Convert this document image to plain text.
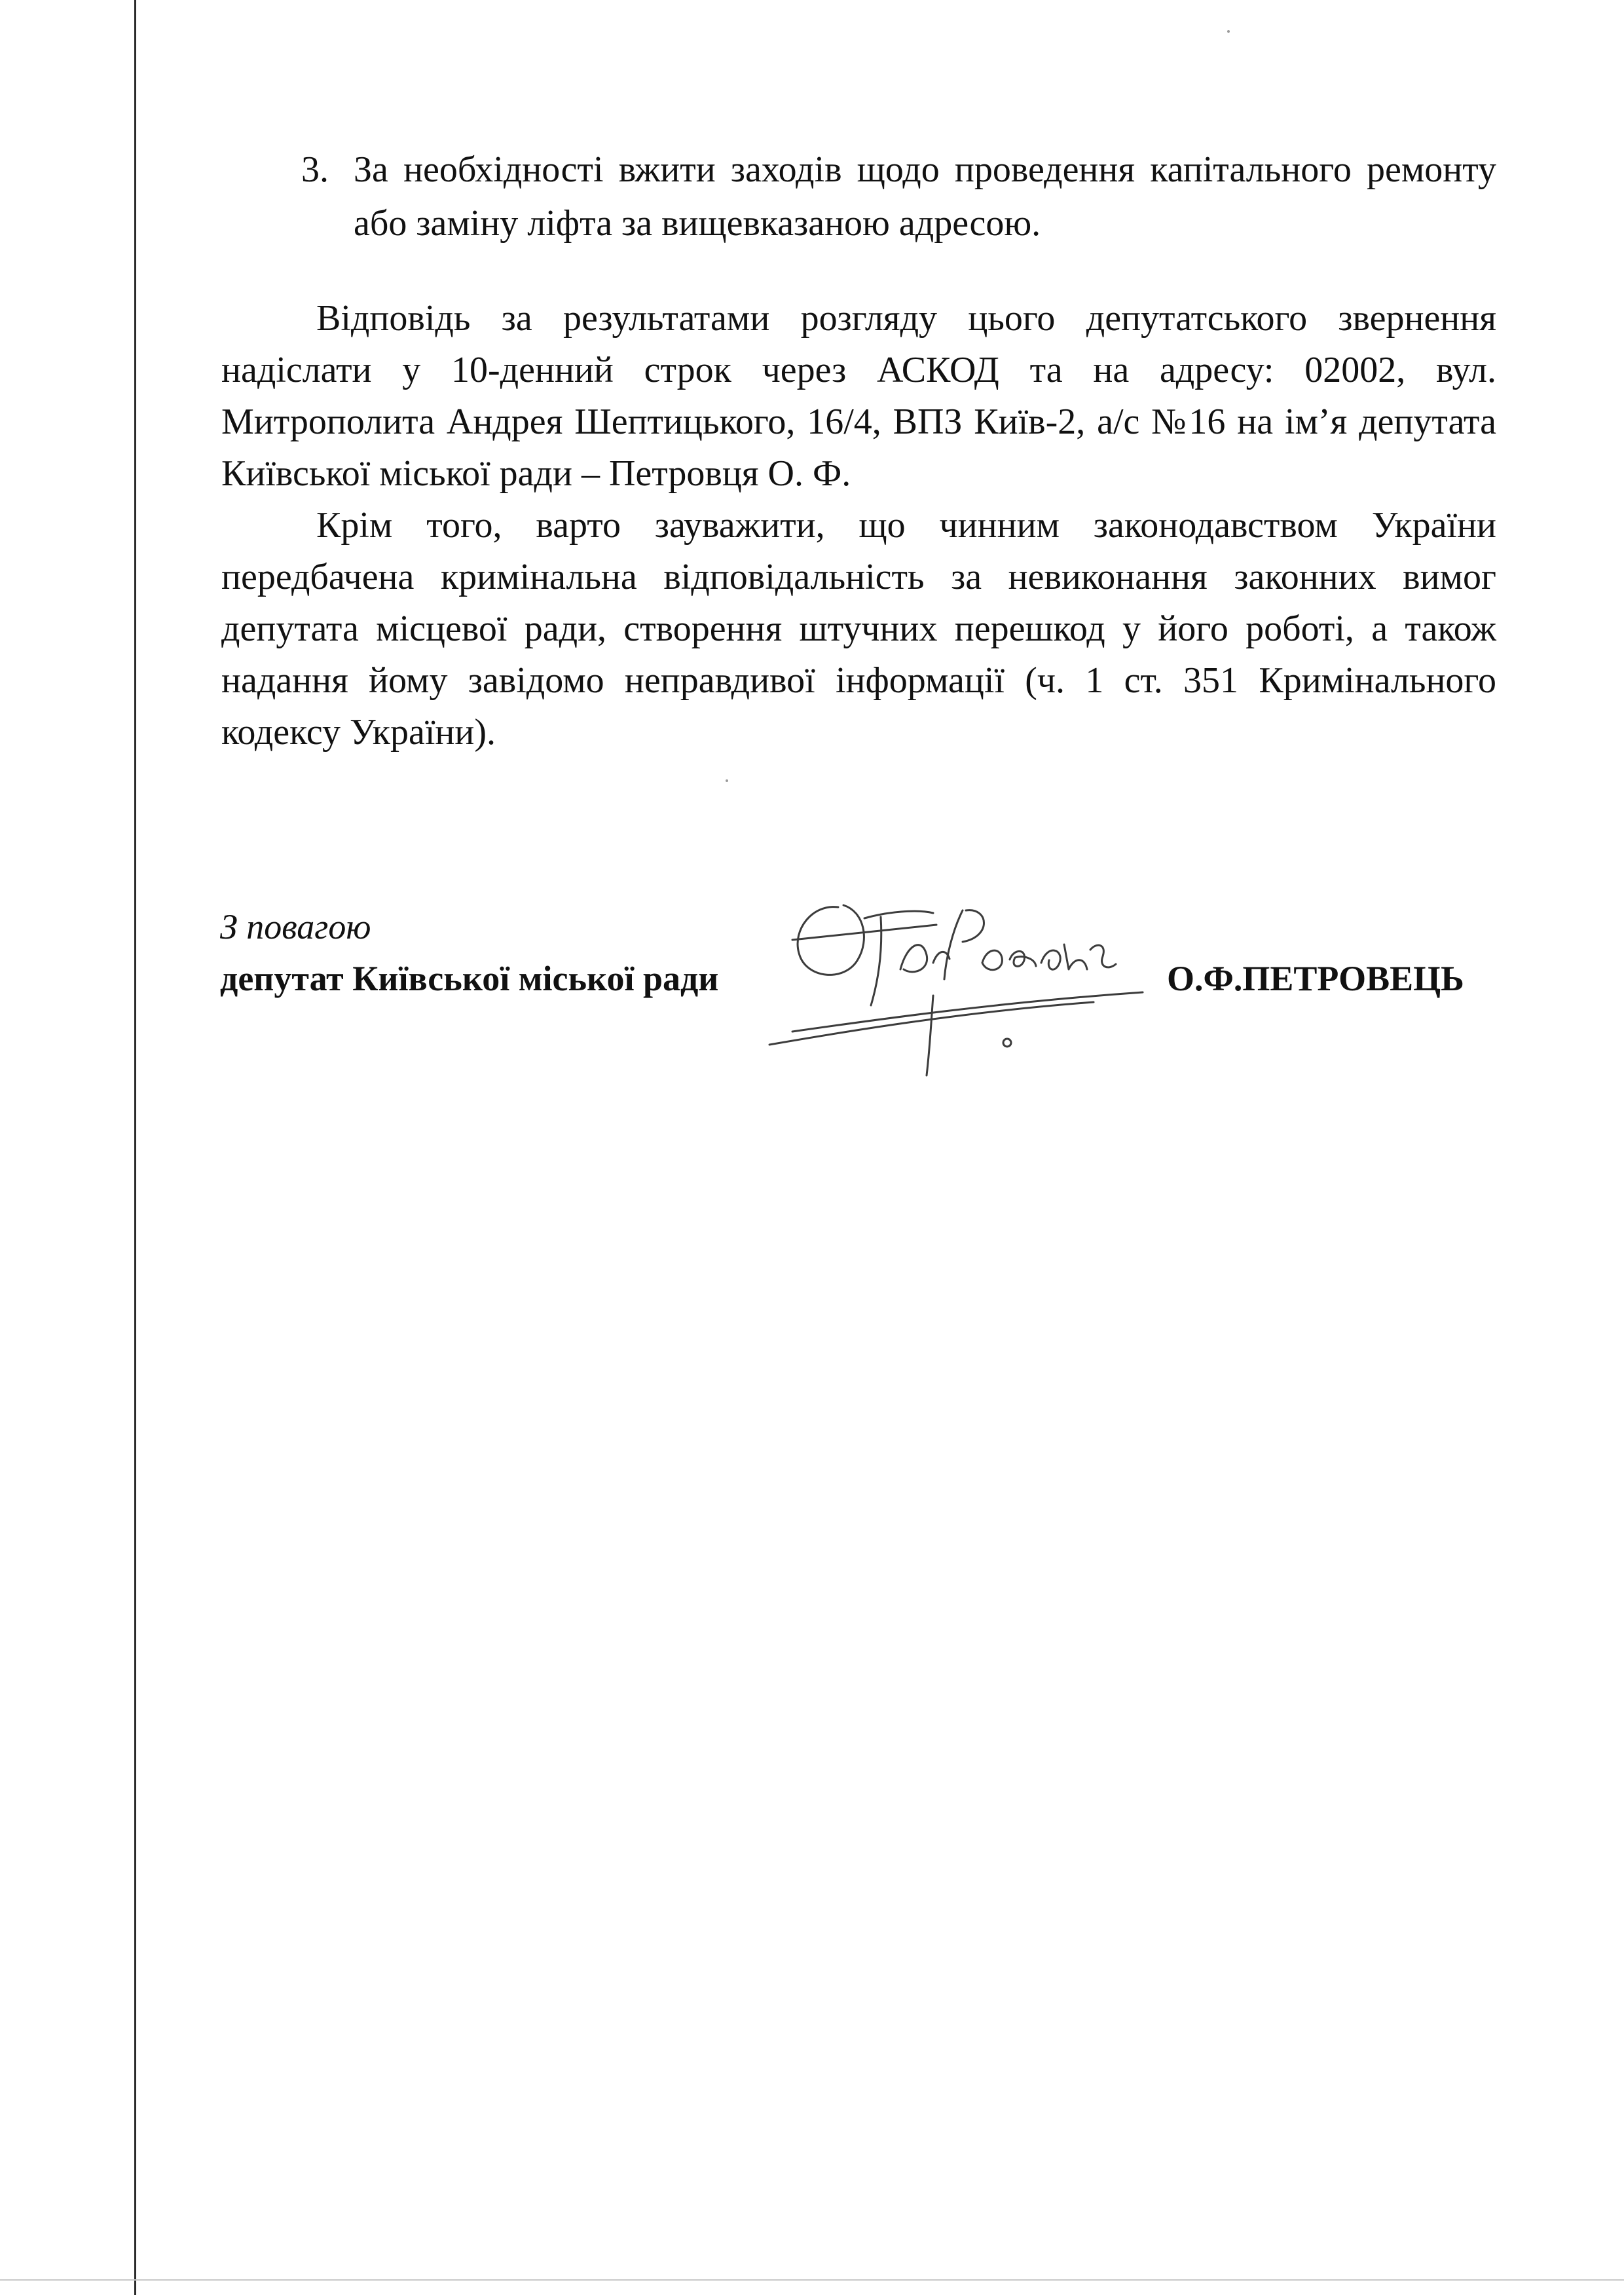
3. За необхідності вжити заходів щодо проведення капітального ремонту або заміну ліфта за вищевказаною адресою.
Відповідь за результатами розгляду цього депутатського звернення надіслати у 10-денний строк через АСКОД та на адресу: 02002, вул. Митрополита Андрея Шептицького, 16/4, ВПЗ Київ-2, а/с №16 на ім’я депутата Київської міської ради – Петровця О. Ф.
Крім того, варто зауважити, що чинним законодавством України передбачена кримінальна відповідальність за невиконання законних вимог депутата місцевої ради, створення штучних перешкод у його роботі, а також надання йому завідомо неправдивої інформації (ч. 1 ст. 351 Кримінального кодексу України).
З повагою
депутат Київської міської ради	О.Ф.ПЕТРОВЕЦЬ
